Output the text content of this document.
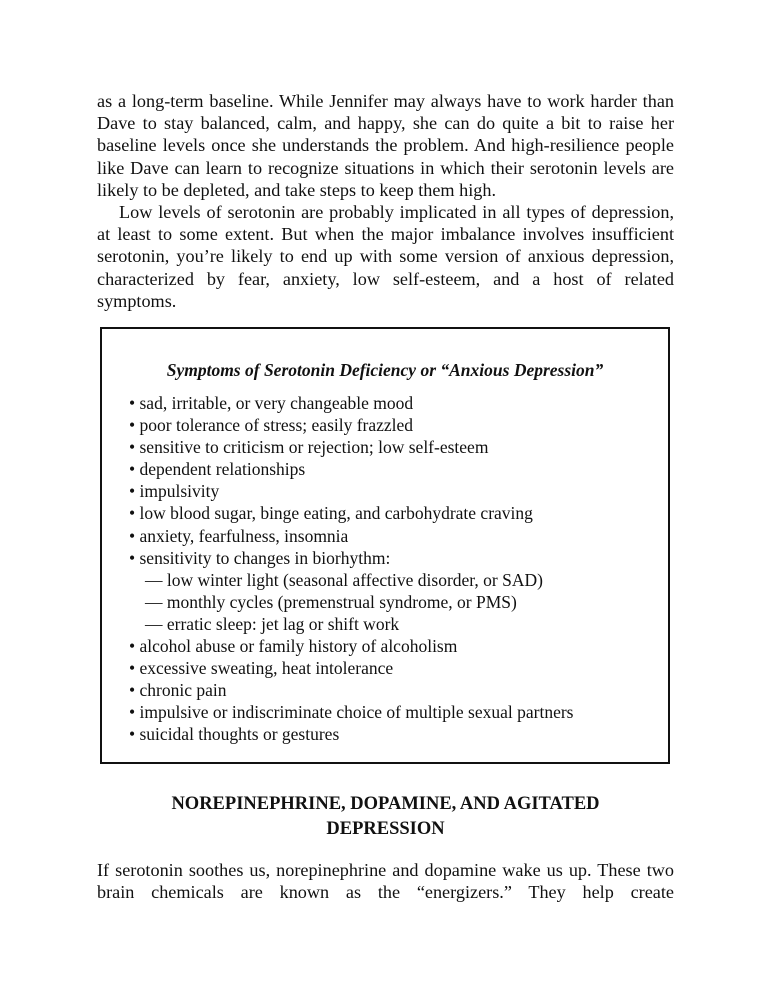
as a long-term baseline. While Jennifer may always have to work harder than Dave to stay balanced, calm, and happy, she can do quite a bit to raise her baseline levels once she understands the problem. And high-resilience people like Dave can learn to recognize situations in which their serotonin levels are likely to be depleted, and take steps to keep them high.

Low levels of serotonin are probably implicated in all types of depression, at least to some extent. But when the major imbalance involves insufficient serotonin, you’re likely to end up with some version of anxious depression, characterized by fear, anxiety, low self-esteem, and a host of related symptoms.

Symptoms of Serotonin Deficiency or “Anxious Depression”

• sad, irritable, or very changeable mood
• poor tolerance of stress; easily frazzled
• sensitive to criticism or rejection; low self-esteem
• dependent relationships
• impulsivity
• low blood sugar, binge eating, and carbohydrate craving
• anxiety, fearfulness, insomnia
• sensitivity to changes in biorhythm:
— low winter light (seasonal affective disorder, or SAD)
— monthly cycles (premenstrual syndrome, or PMS)
— erratic sleep: jet lag or shift work
• alcohol abuse or family history of alcoholism
• excessive sweating, heat intolerance
• chronic pain
• impulsive or indiscriminate choice of multiple sexual partners
• suicidal thoughts or gestures
NOREPINEPHRINE, DOPAMINE, AND AGITATED
DEPRESSION

If serotonin soothes us, norepinephrine and dopamine wake us up. These two brain chemicals are known as the “energizers.” They help create
